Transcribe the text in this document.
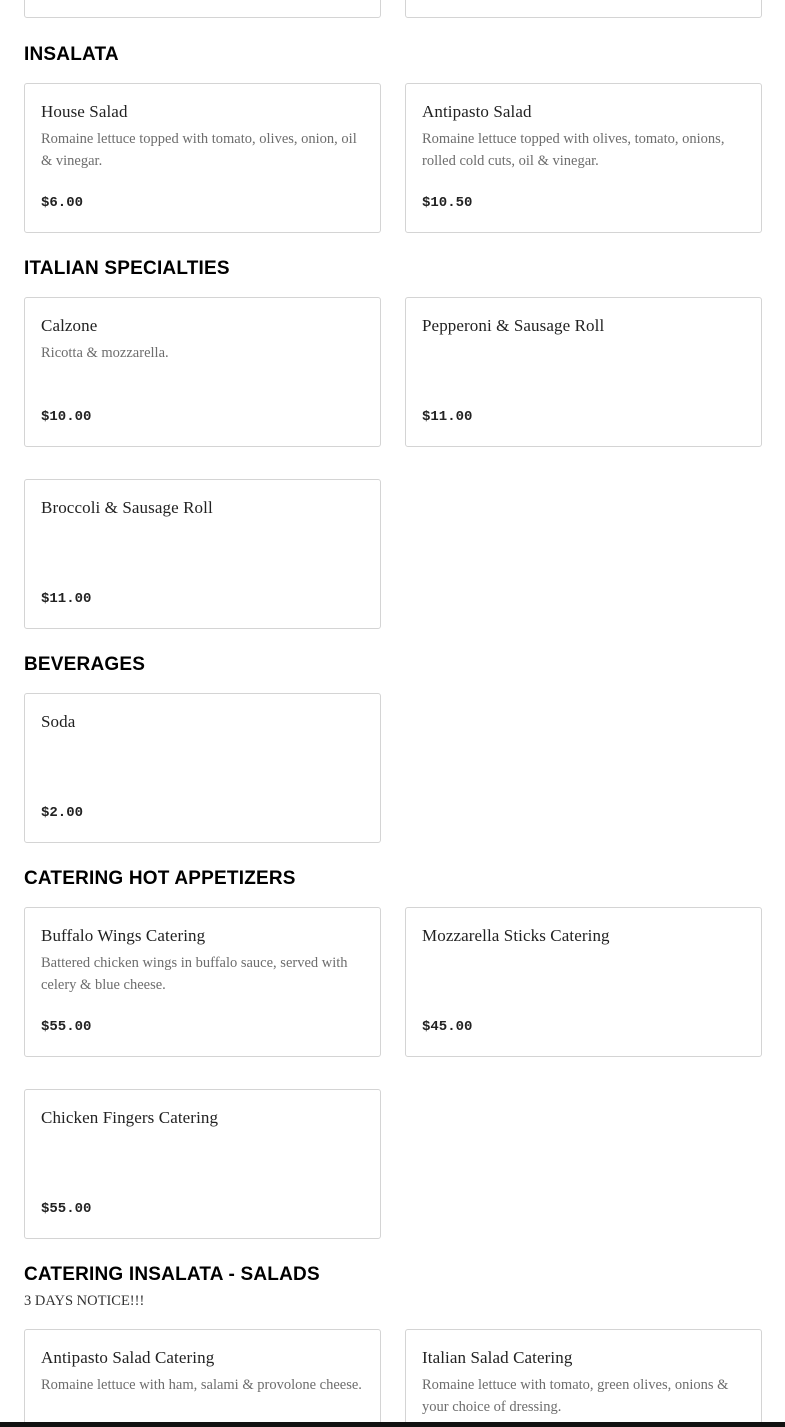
INSALATA
House Salad
Romaine lettuce topped with tomato, olives, onion, oil & vinegar.
$6.00
Antipasto Salad
Romaine lettuce topped with olives, tomato, onions, rolled cold cuts, oil & vinegar.
$10.50
ITALIAN SPECIALTIES
Calzone
Ricotta & mozzarella.
$10.00
Pepperoni & Sausage Roll
$11.00
Broccoli & Sausage Roll
$11.00
BEVERAGES
Soda
$2.00
CATERING HOT APPETIZERS
Buffalo Wings Catering
Battered chicken wings in buffalo sauce, served with celery & blue cheese.
$55.00
Mozzarella Sticks Catering
$45.00
Chicken Fingers Catering
$55.00
CATERING INSALATA - SALADS
3 DAYS NOTICE!!!
Antipasto Salad Catering
Romaine lettuce with ham, salami & provolone cheese.
Italian Salad Catering
Romaine lettuce with tomato, green olives, onions & your choice of dressing.
